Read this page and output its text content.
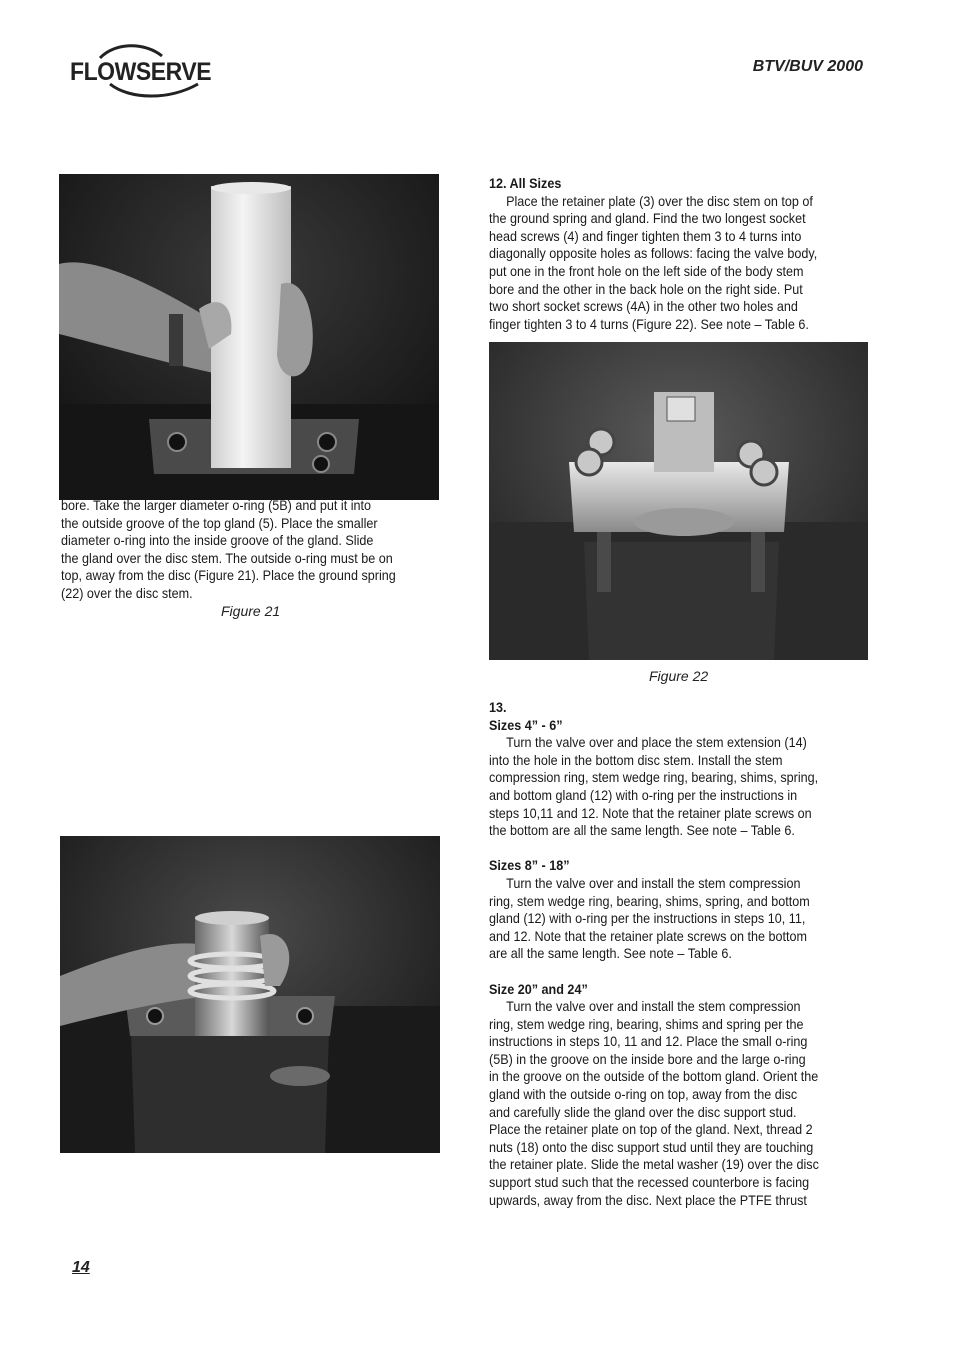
FLOWSERVE	BTV/BUV 2000
bore. Take the larger diameter o-ring (5B) and put it into
the outside groove of the top gland (5). Place the smaller
diameter o-ring into the inside groove of the gland. Slide
the gland over the disc stem. The outside o-ring must be on
top, away from the disc (Figure 21). Place the ground spring
(22) over the disc stem.
Figure 21
12. All Sizes
Place the retainer plate (3) over the disc stem on top of
the ground spring and gland. Find the two longest socket
head screws (4) and finger tighten them 3 to 4 turns into
diagonally opposite holes as follows: facing the valve body,
put one in the front hole on the left side of the body stem
bore and the other in the back hole on the right side. Put
two short socket screws (4A) in the other two holes and
finger tighten 3 to 4 turns (Figure 22). See note – Table 6.
Figure 22
13.
Sizes 4” - 6”
Turn the valve over and place the stem extension (14)
into the hole in the bottom disc stem. Install the stem
compression ring, stem wedge ring, bearing, shims, spring,
and bottom gland (12) with o-ring per the instructions in
steps 10,11 and 12. Note that the retainer plate screws on
the bottom are all the same length. See note – Table 6.
Sizes 8” - 18”
Turn the valve over and install the stem compression
ring, stem wedge ring, bearing, shims, spring, and bottom
gland (12) with o-ring per the instructions in steps 10, 11,
and 12. Note that the retainer plate screws on the bottom
are all the same length. See note – Table 6.
Size 20” and 24”
Turn the valve over and install the stem compression
ring, stem wedge ring, bearing, shims and spring per the
instructions in steps 10, 11 and 12. Place the small o-ring
(5B) in the groove on the inside bore and the large o-ring
in the groove on the outside of the bottom gland. Orient the
gland with the outside o-ring on top, away from the disc
and carefully slide the gland over the disc support stud.
Place the retainer plate on top of the gland. Next, thread 2
nuts (18) onto the disc support stud until they are touching
the retainer plate. Slide the metal washer (19) over the disc
support stud such that the recessed counterbore is facing
upwards, away from the disc. Next place the PTFE thrust
14
